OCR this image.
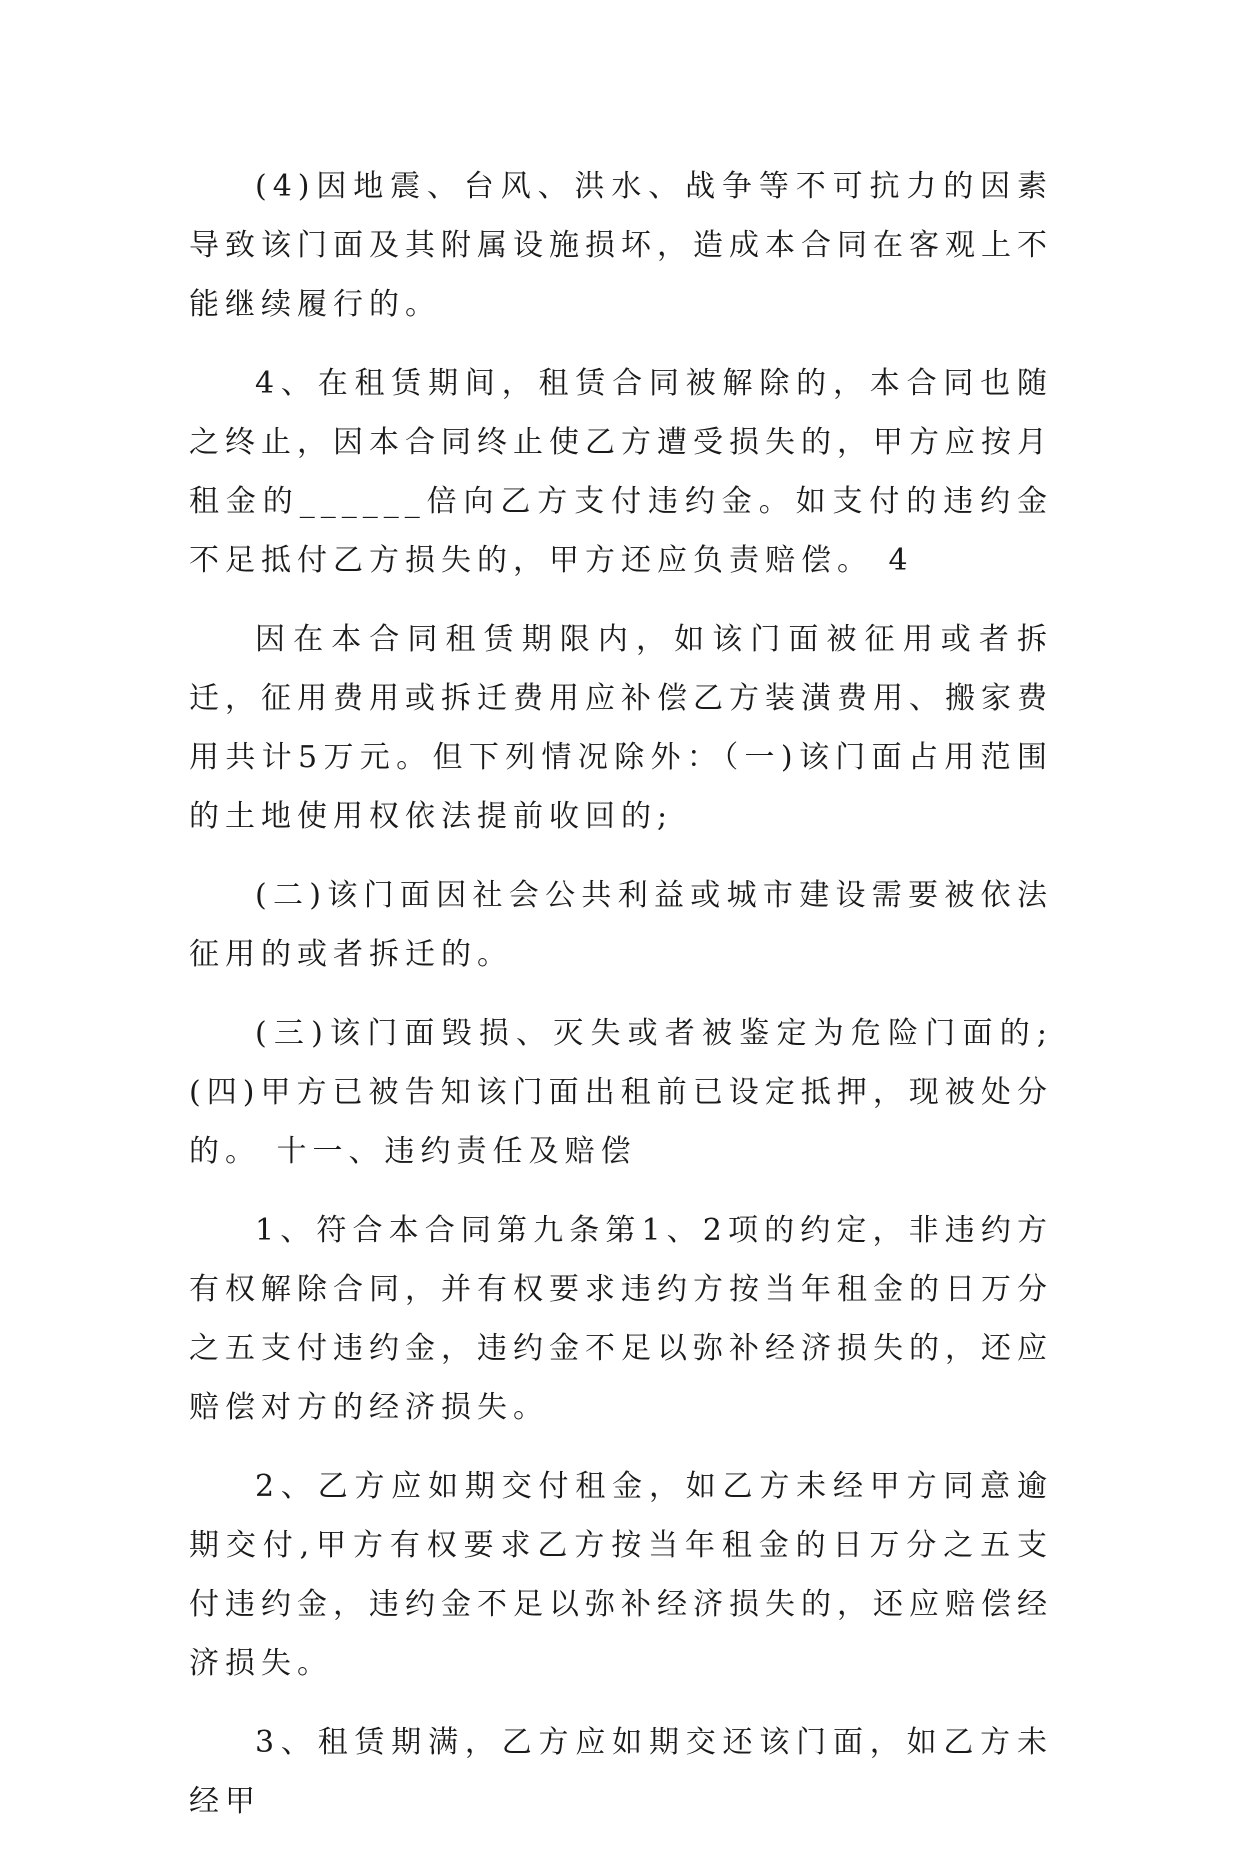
(4)因地震、台风、洪水、战争等不可抗力的因素导致该门面及其附属设施损坏，造成本合同在客观上不能继续履行的。

4、在租赁期间，租赁合同被解除的，本合同也随之终止，因本合同终止使乙方遭受损失的，甲方应按月租金的______倍向乙方支付违约金。如支付的违约金不足抵付乙方损失的，甲方还应负责赔偿。 4

因在本合同租赁期限内，如该门面被征用或者拆迁，征用费用或拆迁费用应补偿乙方装潢费用、搬家费用共计5万元。但下列情况除外：（一)该门面占用范围的土地使用权依法提前收回的;

(二)该门面因社会公共利益或城市建设需要被依法征用的或者拆迁的。

(三)该门面毁损、灭失或者被鉴定为危险门面的;(四)甲方已被告知该门面出租前已设定抵押，现被处分的。 十一、违约责任及赔偿

1、符合本合同第九条第1、2项的约定，非违约方有权解除合同，并有权要求违约方按当年租金的日万分之五支付违约金，违约金不足以弥补经济损失的，还应赔偿对方的经济损失。

2、乙方应如期交付租金，如乙方未经甲方同意逾期交付,甲方有权要求乙方按当年租金的日万分之五支付违约金，违约金不足以弥补经济损失的，还应赔偿经济损失。

3、租赁期满，乙方应如期交还该门面，如乙方未经甲
